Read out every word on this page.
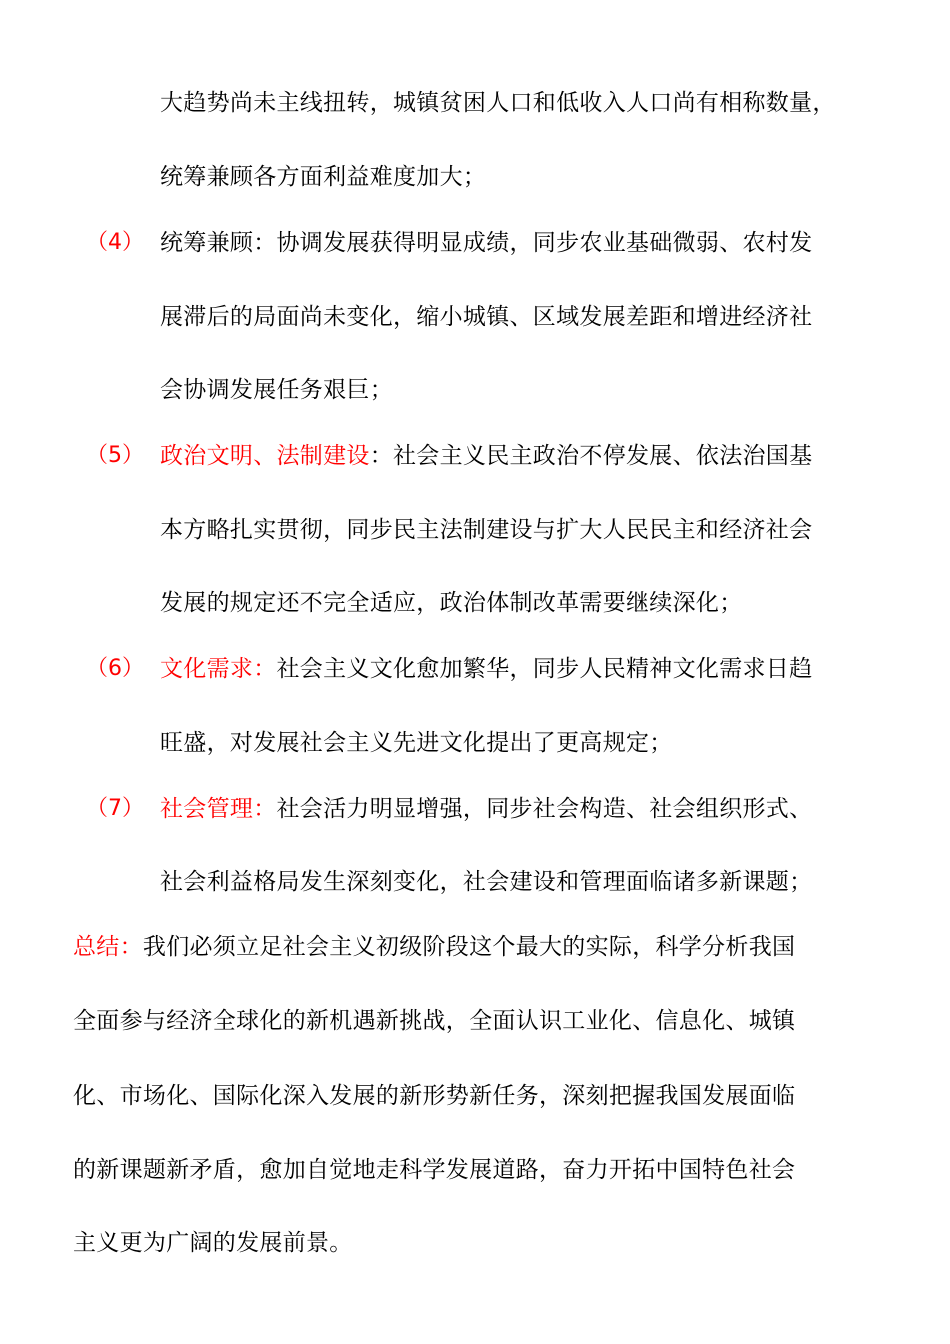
大趋势尚未主线扭转，城镇贫困人口和低收入人口尚有相称数量，
统筹兼顾各方面利益难度加大；
（4） 统筹兼顾：协调发展获得明显成绩，同步农业基础微弱、农村发
展滞后的局面尚未变化，缩小城镇、区域发展差距和增进经济社
会协调发展任务艰巨；
（5） 政治文明、法制建设：社会主义民主政治不停发展、依法治国基
本方略扎实贯彻，同步民主法制建设与扩大人民民主和经济社会
发展的规定还不完全适应，政治体制改革需要继续深化；
（6） 文化需求：社会主义文化愈加繁华，同步人民精神文化需求日趋
旺盛，对发展社会主义先进文化提出了更高规定；
（7） 社会管理：社会活力明显增强，同步社会构造、社会组织形式、
社会利益格局发生深刻变化，社会建设和管理面临诸多新课题；
总结：我们必须立足社会主义初级阶段这个最大的实际，科学分析我国
全面参与经济全球化的新机遇新挑战，全面认识工业化、信息化、城镇
化、市场化、国际化深入发展的新形势新任务，深刻把握我国发展面临
的新课题新矛盾，愈加自觉地走科学发展道路，奋力开拓中国特色社会
主义更为广阔的发展前景。
